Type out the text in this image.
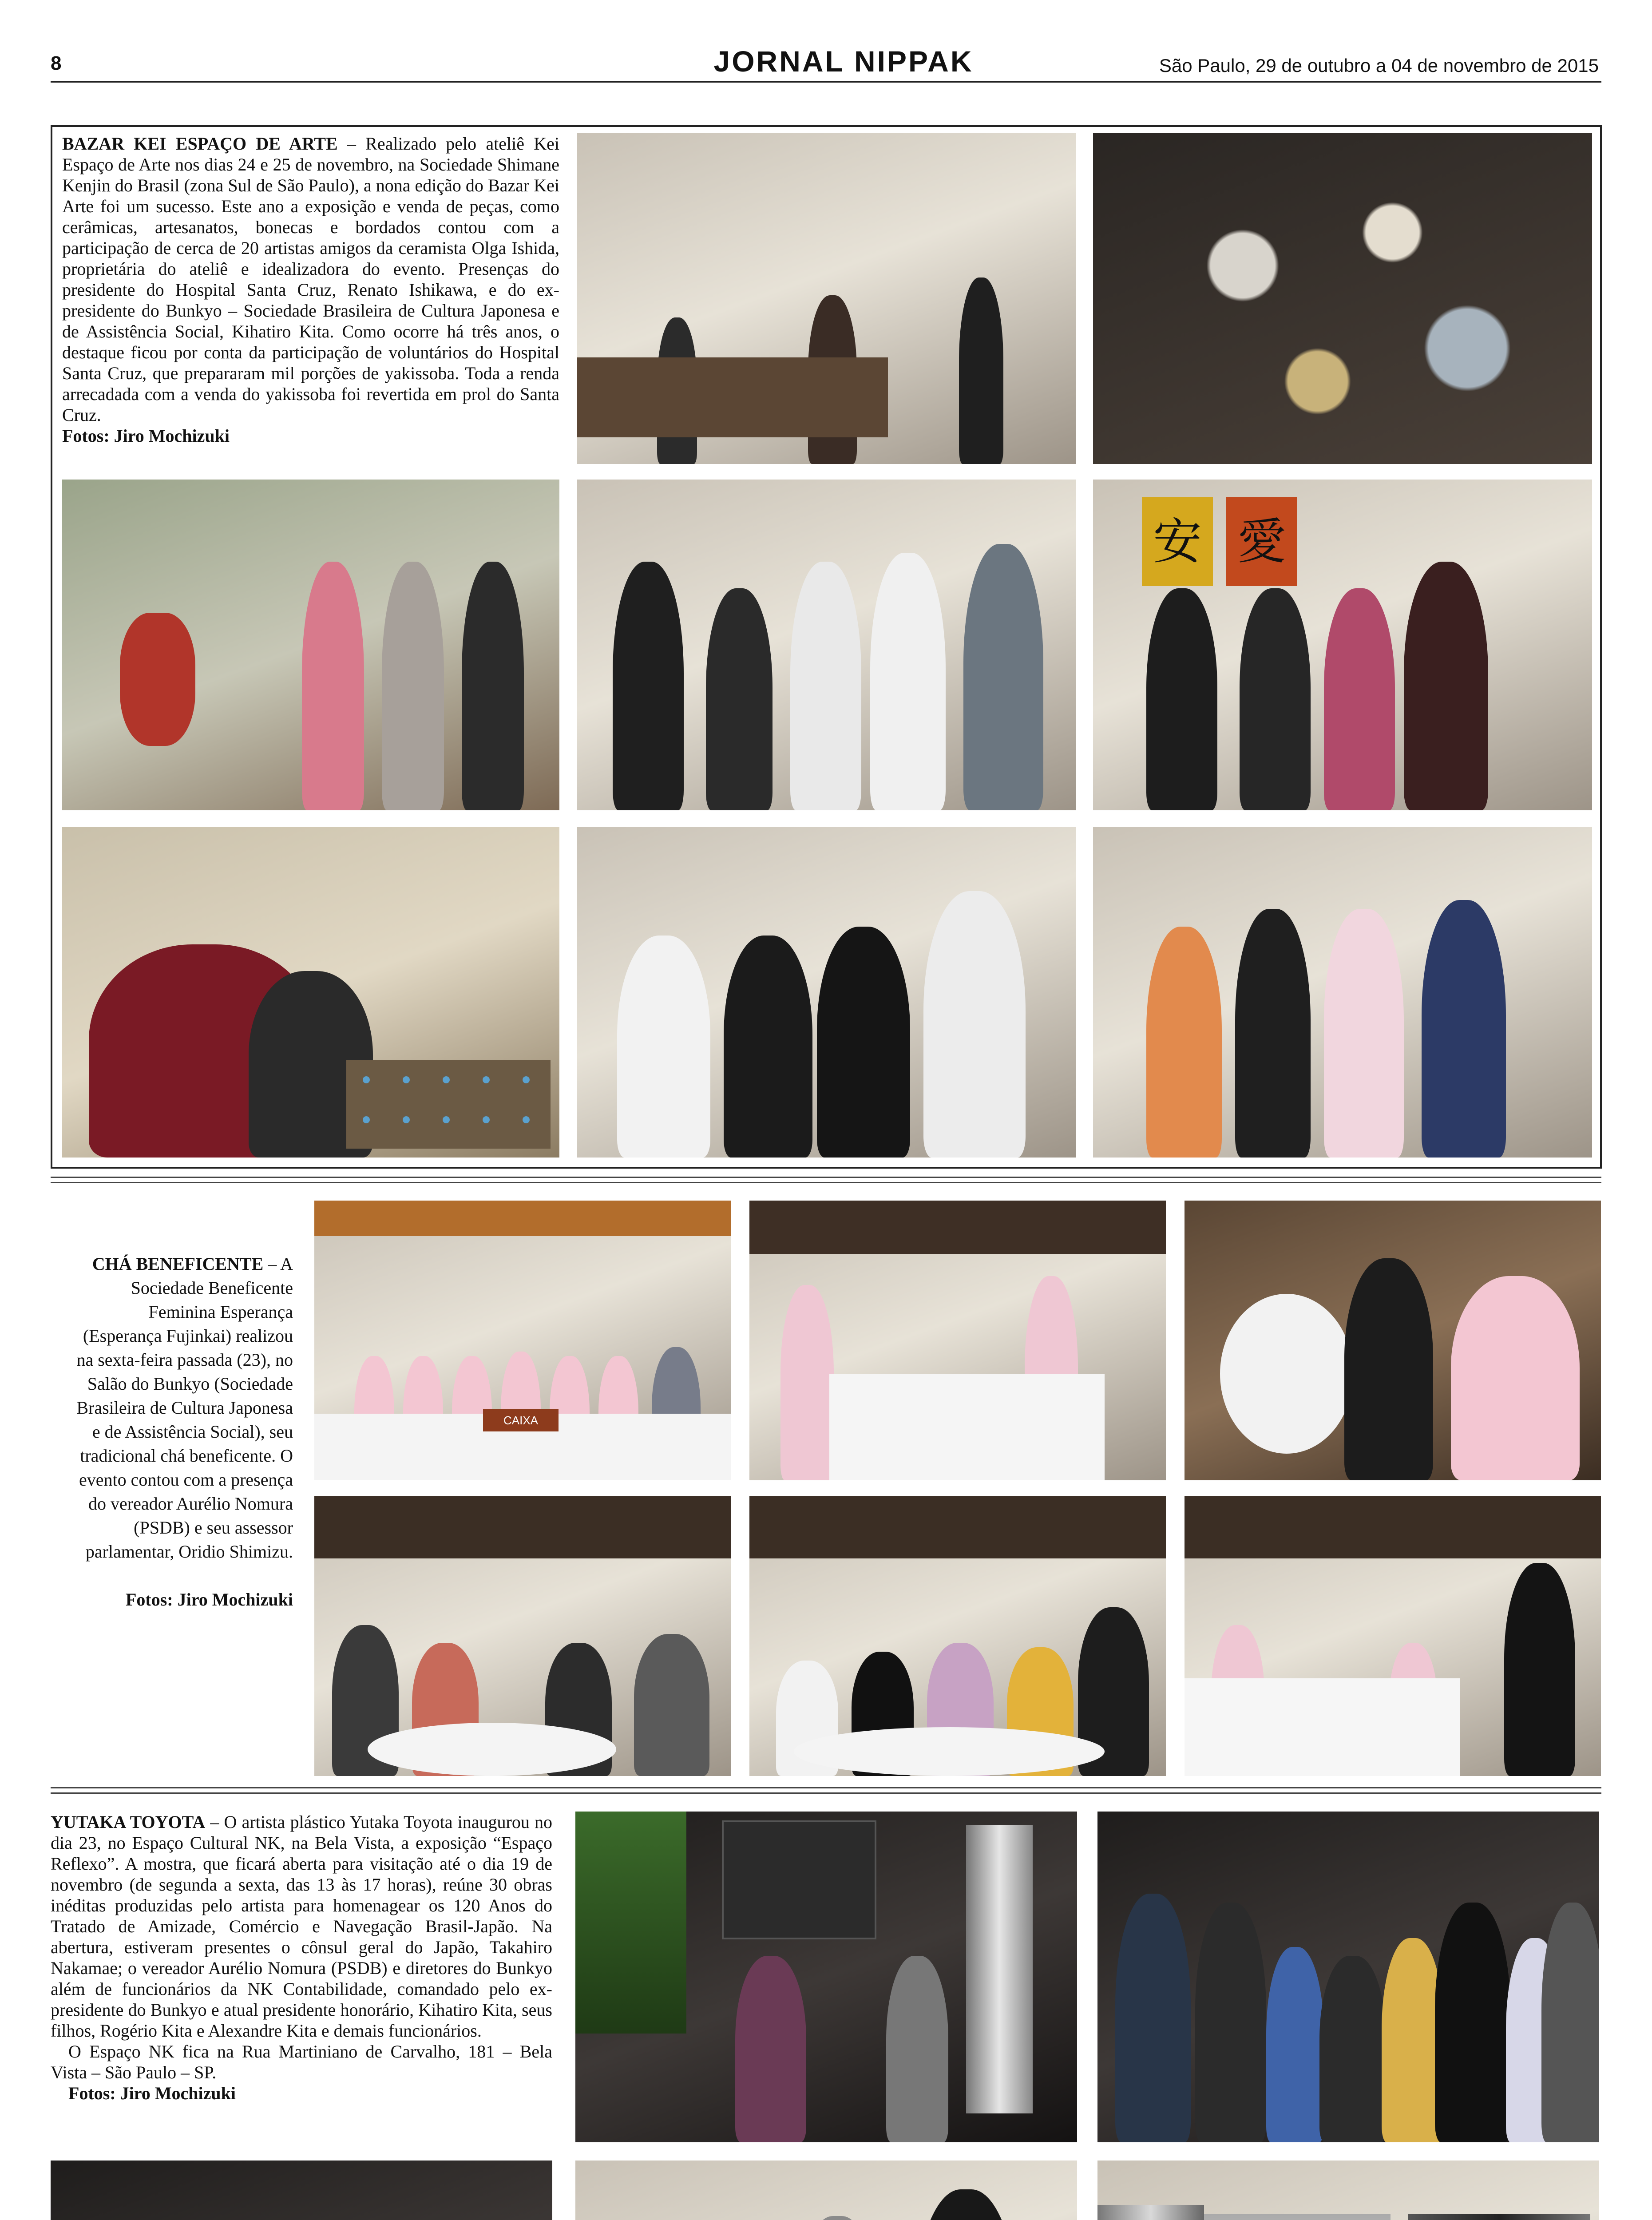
8	JORNAL NIPPAK	São Paulo, 29 de outubro a 04 de novembro de 2015
BAZAR KEI ESPAÇO DE ARTE – Realizado pelo ateliê Kei Espaço de Arte nos dias 24 e 25 de novembro, na Sociedade Shimane Kenjin do Brasil (zona Sul de São Paulo), a nona edição do Bazar Kei Arte foi um sucesso. Este ano a exposição e venda de peças, como cerâmicas, artesanatos, bonecas e bordados contou com a participação de cerca de 20 artistas amigos da ceramista Olga Ishida, proprietária do ateliê e idealizadora do evento. Presenças do presidente do Hospital Santa Cruz, Renato Ishikawa, e do ex-presidente do Bunkyo – Sociedade Brasileira de Cultura Japonesa e de Assistência Social, Kihatiro Kita. Como ocorre há três anos, o destaque ficou por conta da participação de voluntários do Hospital Santa Cruz, que prepararam mil porções de yakissoba. Toda a renda arrecadada com a venda do yakissoba foi revertida em prol do Santa Cruz.
Fotos: Jiro Mochizuki
安 愛
CHÁ BENEFICENTE – A Sociedade Beneficente Feminina Esperança (Esperança Fujinkai) realizou na sexta-feira passada (23), no Salão do Bunkyo (Sociedade Brasileira de Cultura Japonesa e de Assistência Social), seu tradicional chá beneficente. O evento contou com a presença do vereador Aurélio Nomura (PSDB) e seu assessor parlamentar, Oridio Shimizu.

Fotos: Jiro Mochizuki
CAIXA
YUTAKA TOYOTA – O artista plástico Yutaka Toyota inaugurou no dia 23, no Espaço Cultural NK, na Bela Vista, a exposição “Espaço Reflexo”. A mostra, que ficará aberta para visitação até o dia 19 de novembro (de segunda a sexta, das 13 às 17 horas), reúne 30 obras inéditas produzidas pelo artista para homenagear os 120 Anos do Tratado de Amizade, Comércio e Navegação Brasil-Japão. Na abertura, estiveram presentes o cônsul geral do Japão, Takahiro Nakamae; o vereador Aurélio Nomura (PSDB) e diretores do Bunkyo além de funcionários da NK Contabilidade, comandado pelo ex-presidente do Bunkyo e atual presidente honorário, Kihatiro Kita, seus filhos, Rogério Kita e Alexandre Kita e demais funcionários.
O Espaço NK fica na Rua Martiniano de Carvalho, 181 – Bela Vista – São Paulo – SP.
Fotos: Jiro Mochizuki
